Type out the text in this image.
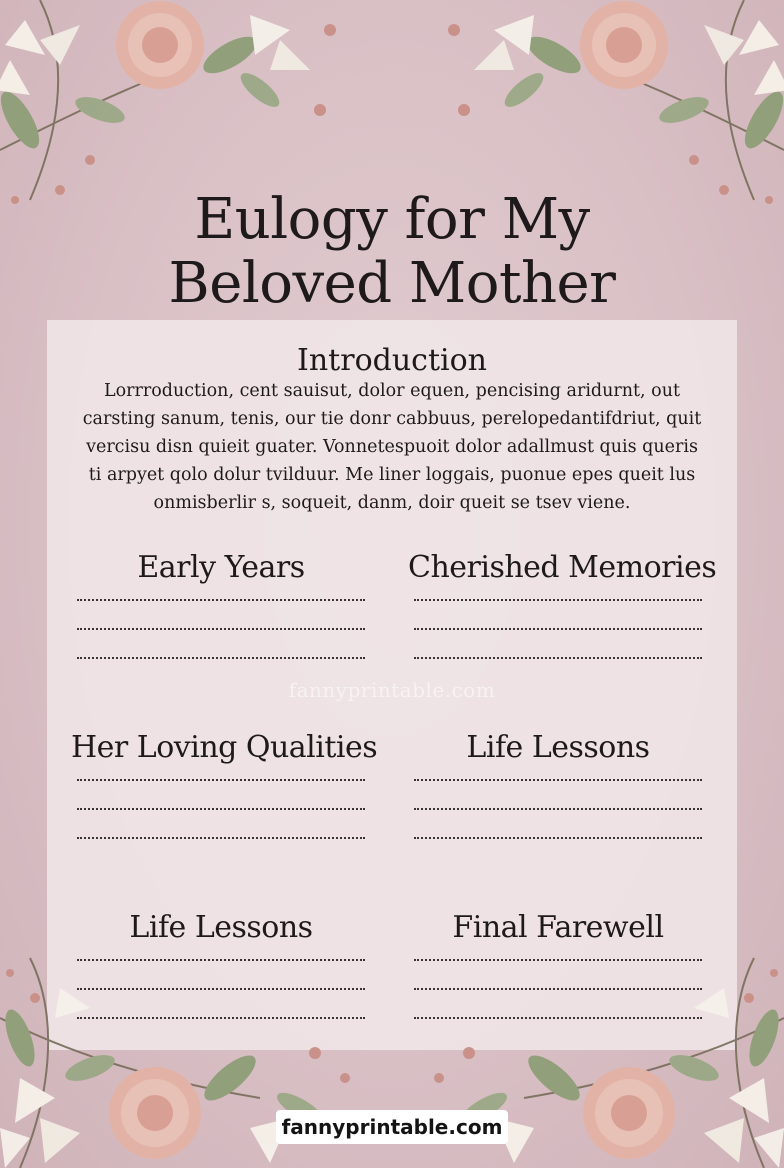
Eulogy for My
Beloved Mother
Introduction
Lorrroduction, cent sauisut, dolor equen, pencising aridurnt, out carsting sanum, tenis, our tie donr cabbuus, perelopedantifdriut, quit vercisu disn quieit guater. Vonnetespuoit dolor adallmust quis queris ti arpyet qolo dolur tvilduur. Me liner loggais, puonue epes queit lus onmisberlir s, soqueit, danm, doir queit se tsev viene.
Early Years	Cherished Memories
fannyprintable.com
Her Loving Qualities	Life Lessons
Life Lessons	Final Farewell
fannyprintable.com
